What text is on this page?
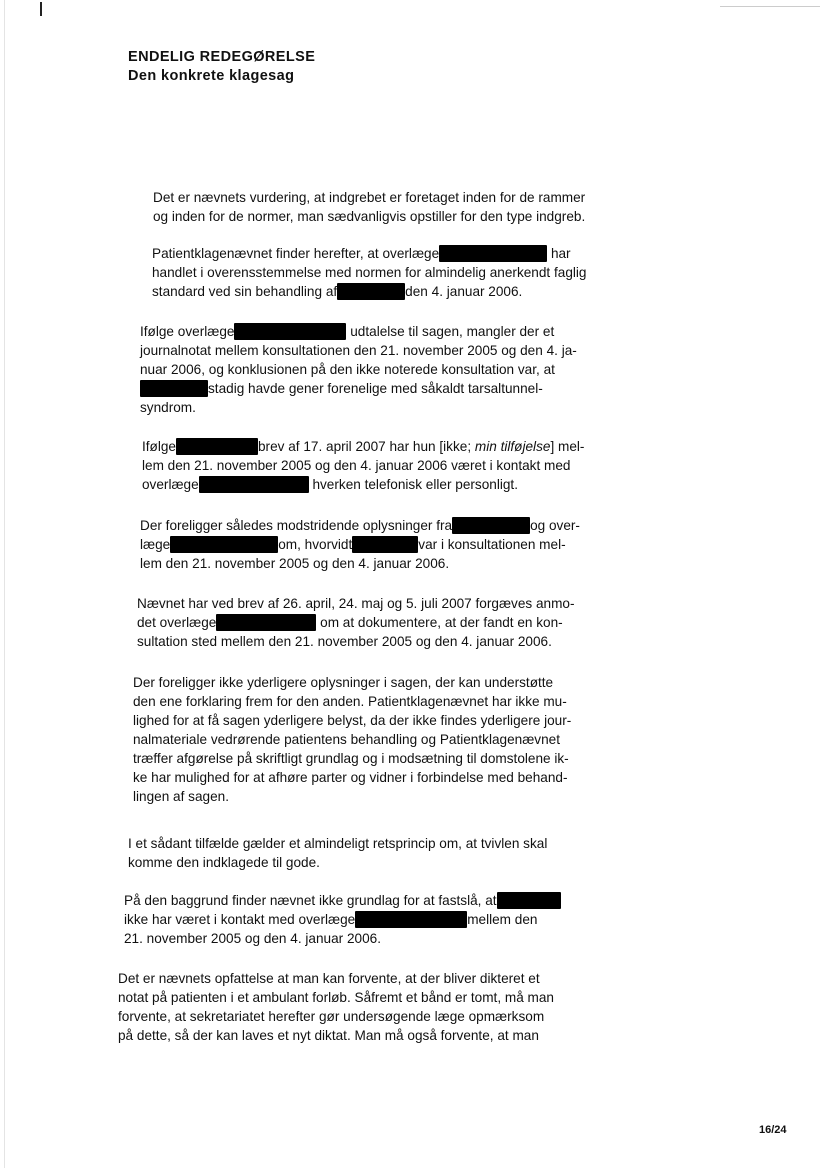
ENDELIG REDEGØRELSE
Den konkrete klagesag
Det er nævnets vurdering, at indgrebet er foretaget inden for de rammer
og inden for de normer, man sædvanligvis opstiller for den type indgreb.
Patientklagenævnet finder herefter, at overlæge	har
handlet i overensstemmelse med normen for almindelig anerkendt faglig
standard ved sin behandling af	den 4. januar 2006.
Ifølge overlæge	udtalelse til sagen, mangler der et
journalnotat mellem konsultationen den 21. november 2005 og den 4. ja-
nuar 2006, og konklusionen på den ikke noterede konsultation var, at
stadig havde gener forenelige med såkaldt tarsaltunnel-
syndrom.
Ifølge	brev af 17. april 2007 har hun [ikke; min tilføjelse] mel-
lem den 21. november 2005 og den 4. januar 2006 været i kontakt med
overlæge	hverken telefonisk eller personligt.
Der foreligger således modstridende oplysninger fra	og over-
læge	om, hvorvidt	var i konsultationen mel-
lem den 21. november 2005 og den 4. januar 2006.
Nævnet har ved brev af 26. april, 24. maj og 5. juli 2007 forgæves anmo-
det overlæge	om at dokumentere, at der fandt en kon-
sultation sted mellem den 21. november 2005 og den 4. januar 2006.
Der foreligger ikke yderligere oplysninger i sagen, der kan understøtte
den ene forklaring frem for den anden. Patientklagenævnet har ikke mu-
lighed for at få sagen yderligere belyst, da der ikke findes yderligere jour-
nalmateriale vedrørende patientens behandling og Patientklagenævnet
træffer afgørelse på skriftligt grundlag og i modsætning til domstolene ik-
ke har mulighed for at afhøre parter og vidner i forbindelse med behand-
lingen af sagen.
I et sådant tilfælde gælder et almindeligt retsprincip om, at tvivlen skal
komme den indklagede til gode.
På den baggrund finder nævnet ikke grundlag for at fastslå, at
ikke har været i kontakt med overlæge	mellem den
21. november 2005 og den 4. januar 2006.
Det er nævnets opfattelse at man kan forvente, at der bliver dikteret et
notat på patienten i et ambulant forløb. Såfremt et bånd er tomt, må man
forvente, at sekretariatet herefter gør undersøgende læge opmærksom
på dette, så der kan laves et nyt diktat. Man må også forvente, at man
16/24
